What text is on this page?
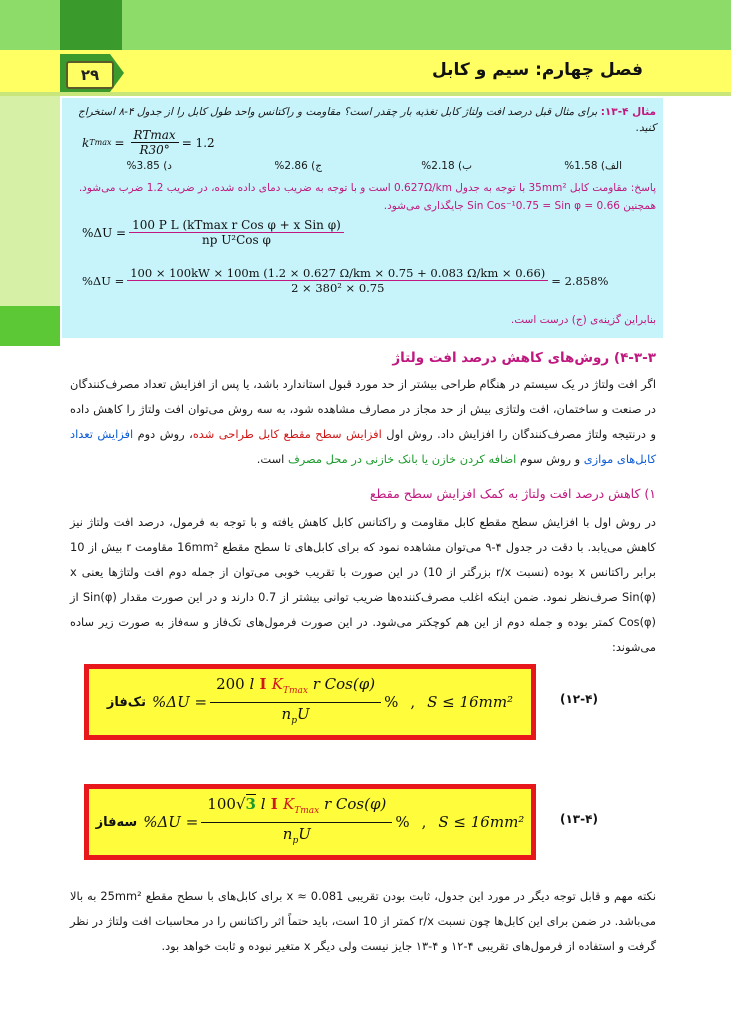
۲۹	فصل چهارم: سیم و کابل
مثال ۴-۱۳: برای مثال قبل درصد افت ولتاژ کابل تغذیه بار چقدر است؟ مقاومت و راکتانس واحد طول کابل را از جدول ۴-۸ استخراج کنید.
k $Tmax = \frac{RTmax}{R30^\circ} = 1.2$
الف) 1.58%
ب) 2.18%
ج) 2.86%
د) 3.85%
پاسخ: مقاومت کابل 35mm² با توجه به جدول 0.627Ω/km است و با توجه به ضریب دمای داده شده، در ضریب 1.2 ضرب می‌شود.
همچنین 0.66 = Sin Cos⁻¹0.75 = Sin φ جایگذاری می‌شود.
$\%\Delta U = \frac{\text{100 P L (kTmax r Cos φ + x Sin φ)}}{\text{np U²Cos φ}}$
%ΔU =
100 × 100kW × 100m (1.2 × 0.627 Ω/km × 0.75 + 0.083 Ω/km × 0.66)
2 × 380² × 0.75
= 2.858%
بنابراین گزینه‌ی (ج) درست است.
۴-۳-۳) روش‌های کاهش درصد افت ولتاژ
اگر افت ولتاژ در یک سیستم در هنگام طراحی بیشتر از حد مورد قبول استاندارد باشد، یا پس از افزایش تعداد مصرف‌کنندگان در صنعت و ساختمان، افت ولتاژی بیش از حد مجاز در مصارف مشاهده شود، به سه روش می‌توان افت ولتاژ را کاهش داده و درنتیجه ولتاژ مصرف‌کنندگان را افزایش داد. روش اول افزایش سطح مقطع کابل طراحی شده، روش دوم افزایش تعداد کابل‌های موازی و روش سوم اضافه کردن خازن یا بانک خازنی در محل مصرف است.
۱) کاهش درصد افت ولتاژ به کمک افزایش سطح مقطع
در روش اول با افزایش سطح مقطع کابل مقاومت و راکتانس کابل کاهش یافته و با توجه به فرمول، درصد افت ولتاژ نیز کاهش می‌یابد. با دقت در جدول ۴-۹ می‌توان مشاهده نمود که برای کابل‌های تا سطح مقطع 16mm² مقاومت r بیش از 10 برابر راکتانس x بوده (نسبت r/x بزرگتر از 10) در این صورت با تقریب خوبی می‌توان از جمله دوم افت ولتاژها یعنی x Sin(φ) صرف‌نظر نمود. ضمن اینکه اغلب مصرف‌کننده‌ها ضریب توانی بیشتر از 0.7 دارند و در این صورت مقدار Sin(φ) از Cos(φ) کمتر بوده و جمله دوم از این هم کوچکتر می‌شود. در این صورت فرمول‌های تک‌فاز و سه‌فاز به صورت زیر ساده می‌شوند:
تک‌فاز $\%\Delta U = \frac{200 l I K_{Tmax} r Cos(\varphi)}{n_pU}$ % , S ≤ 16mm²	(۱۲-۴)
سه‌فاز $\%\Delta U = \frac{100√3 l I K_{Tmax} r Cos(\varphi)}{n_pU}$ % , S ≤ 16mm²	(۱۳-۴)
نکته مهم و قابل توجه دیگر در مورد این جدول، ثابت بودن تقریبی x ≈ 0.081 برای کابل‌های با سطح مقطع 25mm² به بالا می‌باشد. در ضمن برای این کابل‌ها چون نسبت r/x کمتر از 10 است، باید حتماً اثر راکتانس را در محاسبات افت ولتاژ در نظر گرفت و استفاده از فرمول‌های تقریبی ۴-۱۲ و ۴-۱۳ جایز نیست ولی دیگر x متغیر نبوده و ثابت خواهد بود.
